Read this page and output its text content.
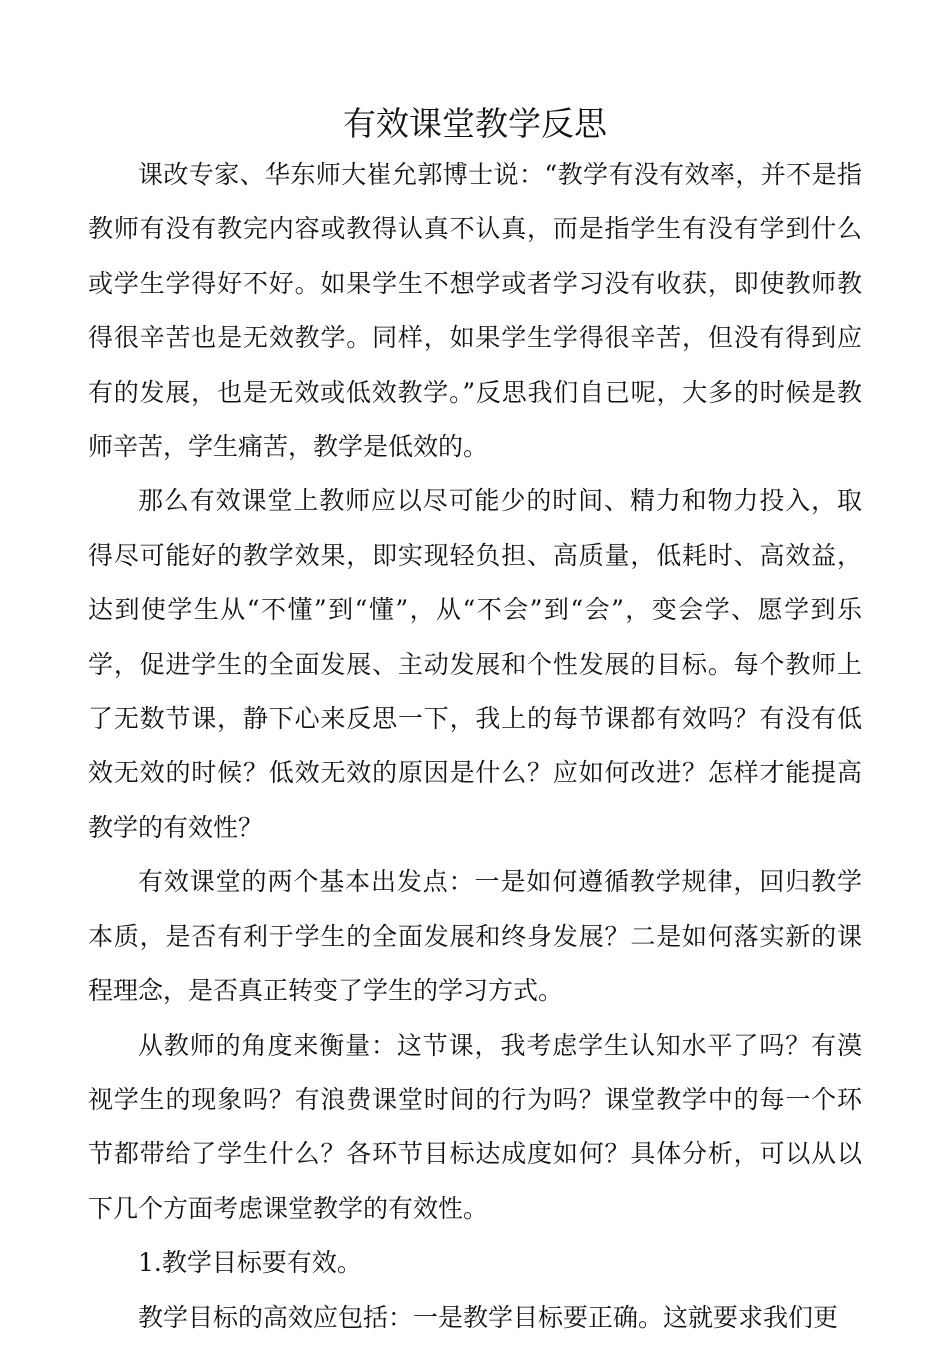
有效课堂教学反思

课改专家、华东师大崔允郭博士说：“教学有没有效率，并不是指教师有没有教完内容或教得认真不认真，而是指学生有没有学到什么或学生学得好不好。如果学生不想学或者学习没有收获，即使教师教得很辛苦也是无效教学。同样，如果学生学得很辛苦，但没有得到应有的发展，也是无效或低效教学。”反思我们自已呢，大多的时候是教师辛苦，学生痛苦，教学是低效的。

那么有效课堂上教师应以尽可能少的时间、精力和物力投入，取得尽可能好的教学效果，即实现轻负担、高质量，低耗时、高效益，达到使学生从“不懂”到“懂”，从“不会”到“会”，变会学、愿学到乐学，促进学生的全面发展、主动发展和个性发展的目标。每个教师上了无数节课，静下心来反思一下，我上的每节课都有效吗？有没有低效无效的时候？低效无效的原因是什么？应如何改进？怎样才能提高教学的有效性？

有效课堂的两个基本出发点：一是如何遵循教学规律，回归教学本质，是否有利于学生的全面发展和终身发展？二是如何落实新的课程理念，是否真正转变了学生的学习方式。

从教师的角度来衡量：这节课，我考虑学生认知水平了吗？有漠视学生的现象吗？有浪费课堂时间的行为吗？课堂教学中的每一个环节都带给了学生什么？各环节目标达成度如何？具体分析，可以从以下几个方面考虑课堂教学的有效性。

1.教学目标要有效。

教学目标的高效应包括：一是教学目标要正确。这就要求我们更
